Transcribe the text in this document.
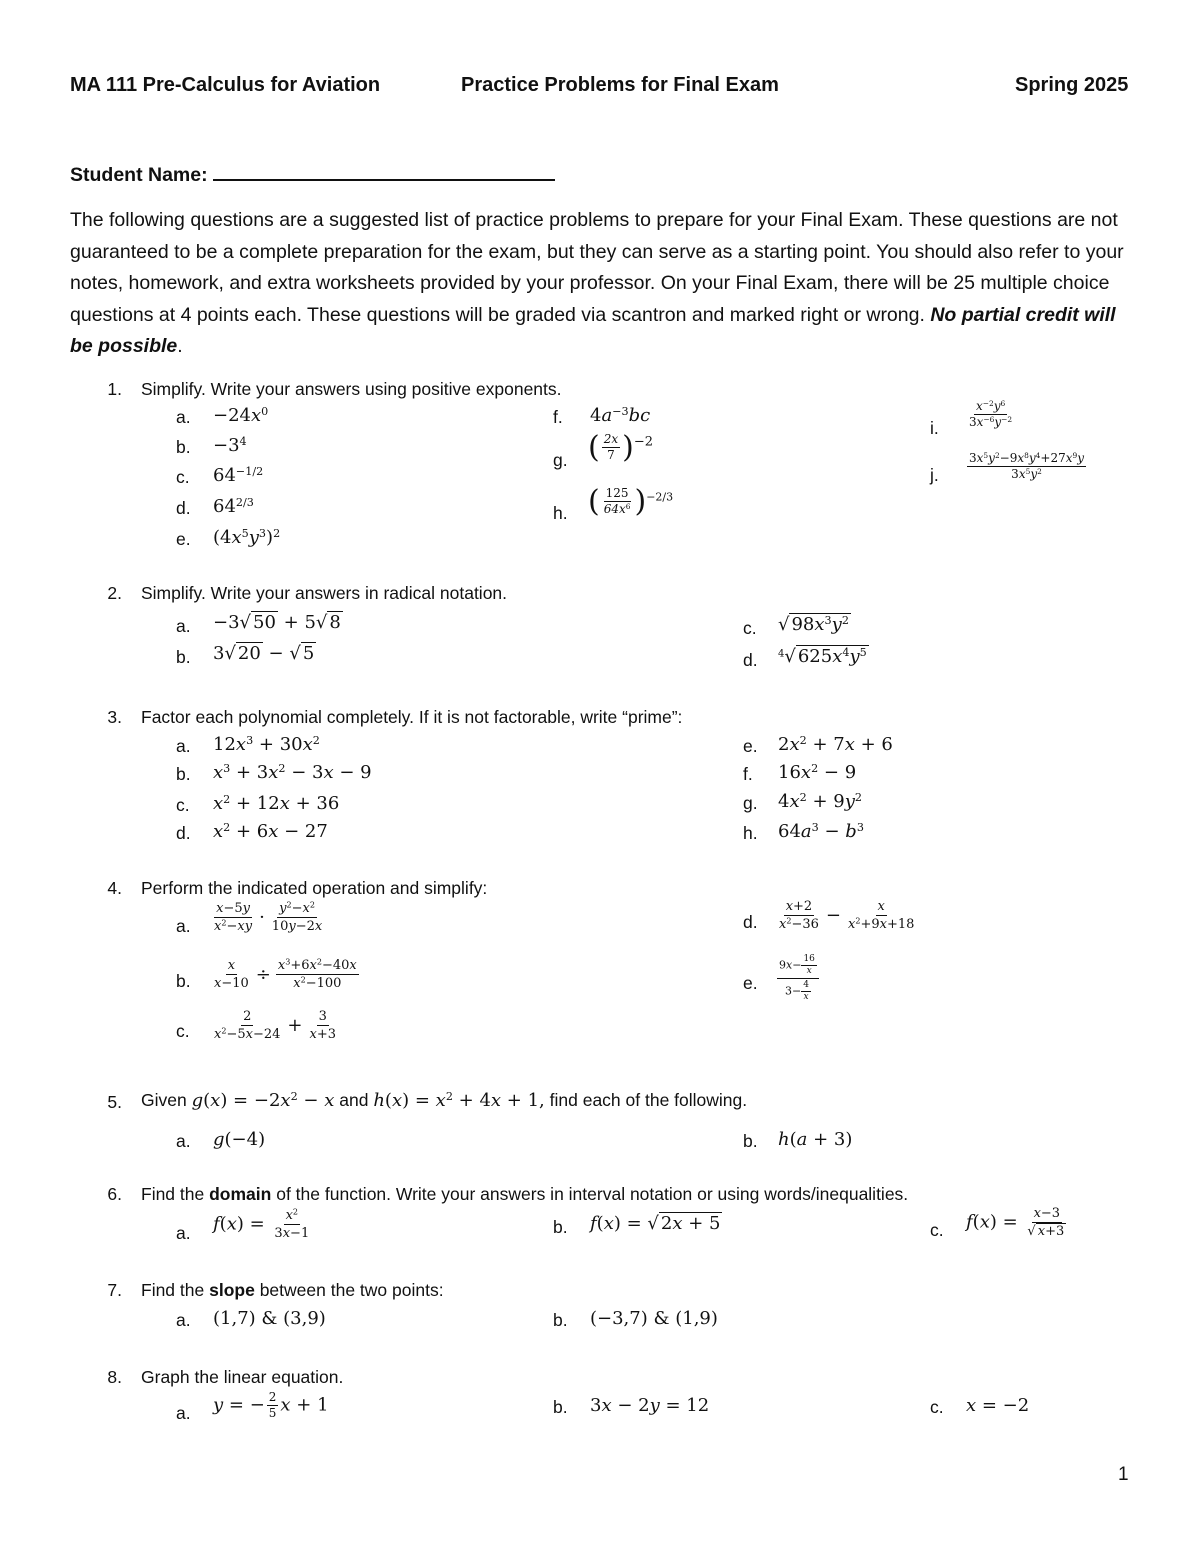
MA 111 Pre-Calculus for Aviation	Practice Problems for Final Exam	Spring 2025
Student Name:
The following questions are a suggested list of practice problems to prepare for your Final Exam. These questions are not guaranteed to be a complete preparation for the exam, but they can serve as a starting point. You should also refer to your notes, homework, and extra worksheets provided by your professor. On your Final Exam, there will be 25 multiple choice questions at 4 points each. These questions will be graded via scantron and marked right or wrong. No partial credit will be possible.
1. Simplify. Write your answers using positive exponents.
a. $-24x^0$
b. $-3^4$
c. $64^{-1/2}$
d. $64^{2/3}$
e. $(4x^5y^3)^2$
f. $4a^{-3}bc$
g. ( $\frac{2x}{7} )^{-2}$
h. ( $\frac{125}{64x^6} )^{-2/3}$
i. $\frac{x^{-2}y^6}{3x^{-6}y^{-2}}$
j. $\frac{3x^5y^2-9x^8y^4+27x^9y}{3x^5y^2}$
2. Simplify. Write your answers in radical notation.
a. −3√ 50 + 5√ 8
b. 3√ 20 − √ 5
c. √ $98x^3y^2$
d. $^4$√ $625x^4y^5$
3. Factor each polynomial completely. If it is not factorable, write “prime”:
a. $12x^3 + 30x^2$
b. $x^3 + 3x^2 - 3x - 9$
c. $x^2 + 12x + 36$
d. $x^2 + 6x - 27$
e. $2x^2 + 7x + 6$
f. $16x^2 - 9$
g. $4x^2 + 9y^2$
h. $64a^3 - b^3$
4. Perform the indicated operation and simplify:
a. $\frac{x-5y}{x^2-xy} \cdot \frac{y^2-x^2}{10y-2x}$
b. $\frac{x}{x-10} \div \frac{x^3+6x^2-40x}{x^2-100}$
c. $\frac{2}{x^2-5x-24} + \frac{3}{x+3}$
d. $\frac{x+2}{x^2-36} - \frac{x}{x^2+9x+18}$
e. $\frac{9x- \frac{16}{x}}{3- \frac{4}{x}}$
5. Given $g(x) = -2x^2 - x$ and $h(x) = x^2 + 4x + 1$, find each of the following.
a. g(−4)	b. h(a + 3)
6. Find the domain of the function. Write your answers in interval notation or using words/inequalities.
a. $f(x) = \frac{x^2}{3x-1}$	b. f(x) = √ 2x + 5	c. $f(x) = \frac{x-3}{√ x+3}$
7. Find the slope between the two points:
a. (1,7) & (3,9)	b. (−3,7) & (1,9)
8. Graph the linear equation.
a. y = − $\frac{2}{5}$ x + 1	b. 3x − 2y = 12	c. x = −2
1
